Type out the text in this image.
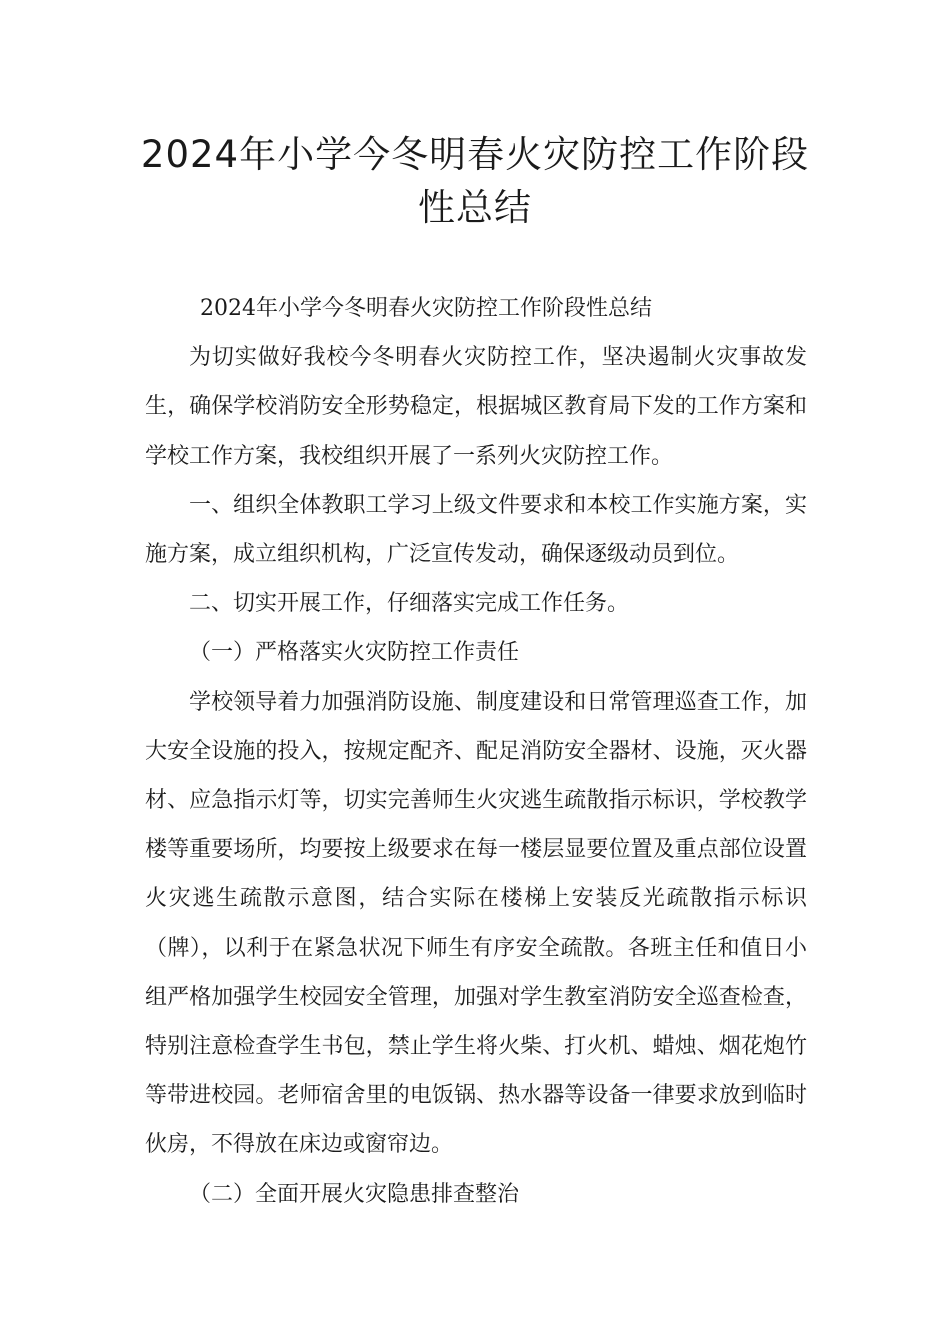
2024年小学今冬明春火灾防控工作阶段
性总结

2024年小学今冬明春火灾防控工作阶段性总结

为切实做好我校今冬明春火灾防控工作，坚决遏制火灾事故发生，确保学校消防安全形势稳定，根据城区教育局下发的工作方案和学校工作方案，我校组织开展了一系列火灾防控工作。

一、组织全体教职工学习上级文件要求和本校工作实施方案，实施方案，成立组织机构，广泛宣传发动，确保逐级动员到位。

二、切实开展工作，仔细落实完成工作任务。

（一）严格落实火灾防控工作责任

学校领导着力加强消防设施、制度建设和日常管理巡查工作，加大安全设施的投入，按规定配齐、配足消防安全器材、设施，灭火器材、应急指示灯等，切实完善师生火灾逃生疏散指示标识，学校教学楼等重要场所，均要按上级要求在每一楼层显要位置及重点部位设置火灾逃生疏散示意图，结合实际在楼梯上安装反光疏散指示标识（牌），以利于在紧急状况下师生有序安全疏散。各班主任和值日小组严格加强学生校园安全管理，加强对学生教室消防安全巡查检查，特别注意检查学生书包，禁止学生将火柴、打火机、蜡烛、烟花炮竹等带进校园。老师宿舍里的电饭锅、热水器等设备一律要求放到临时伙房，不得放在床边或窗帘边。

（二）全面开展火灾隐患排查整治
